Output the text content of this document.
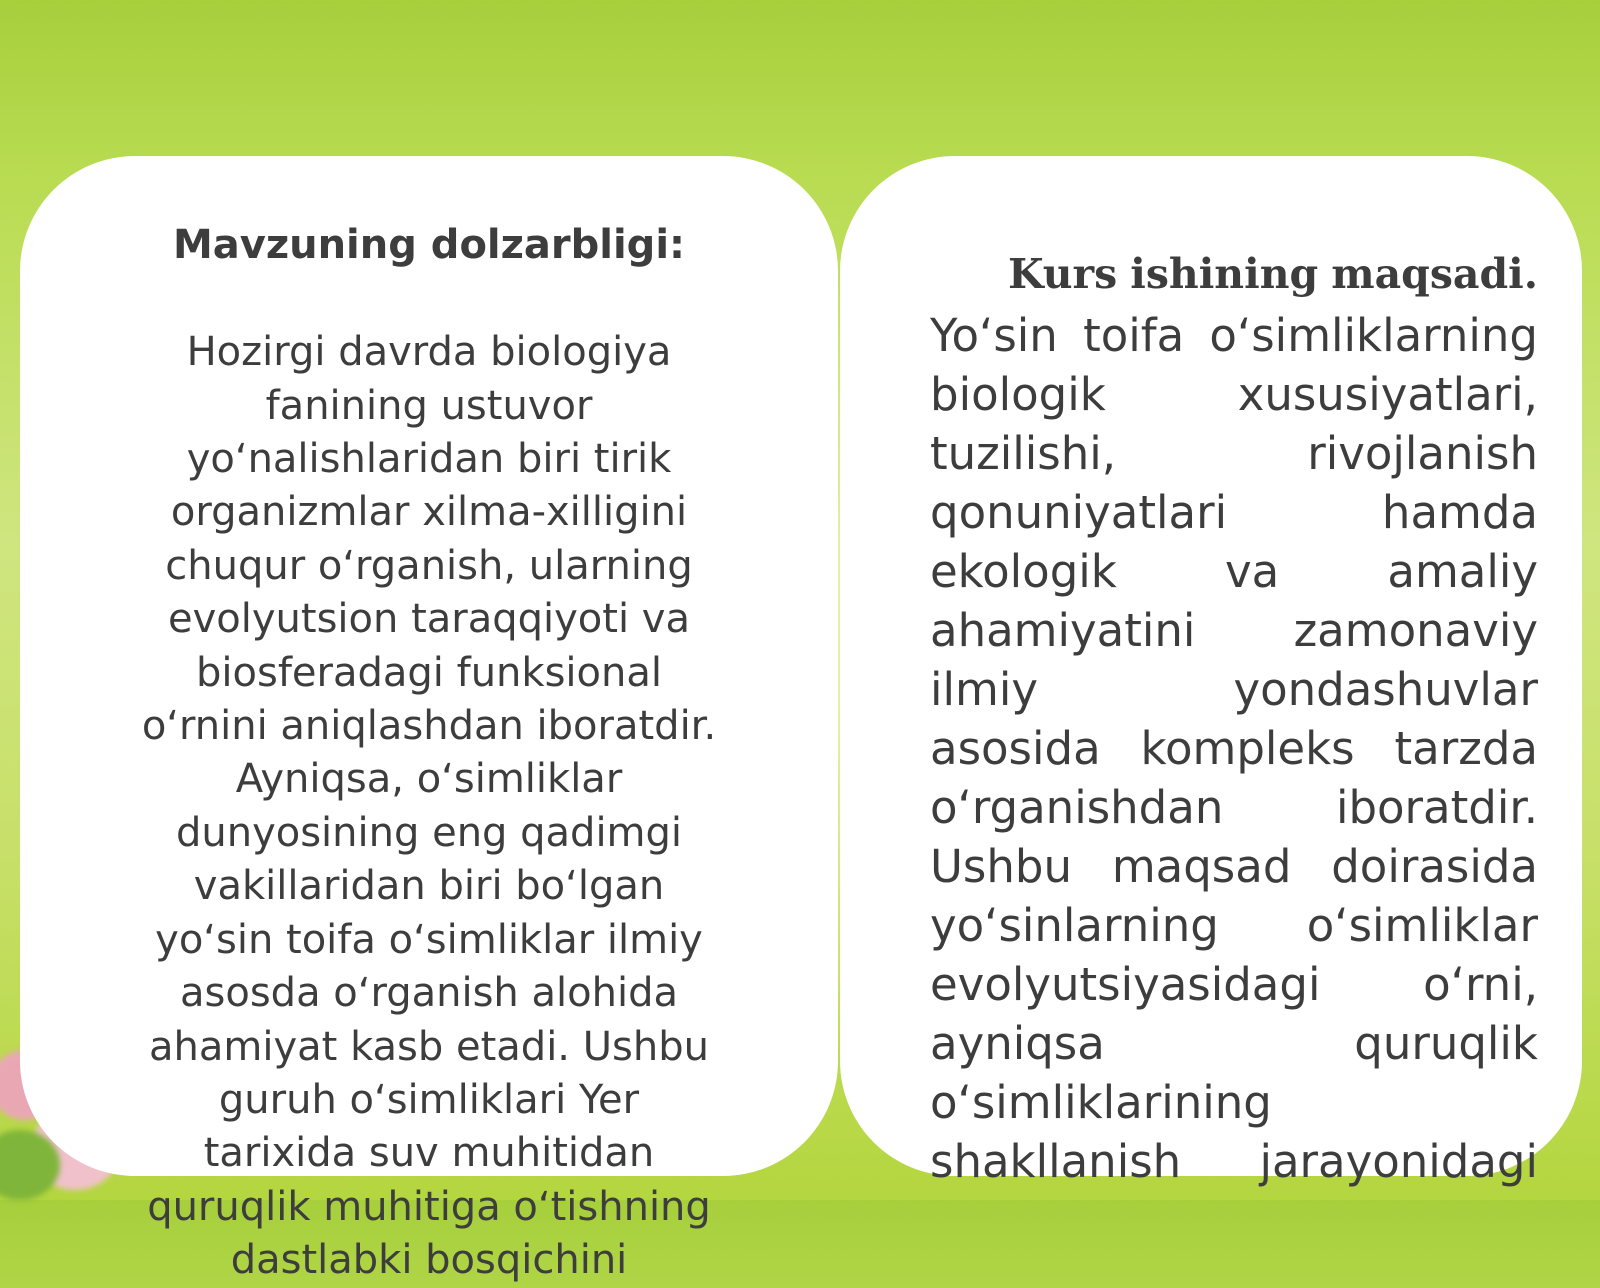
Mavzuning dolzarbligi:

Hozirgi davrda biologiya
fanining ustuvor
yo‘nalishlaridan biri tirik
organizmlar xilma-xilligini
chuqur o‘rganish, ularning
evolyutsion taraqqiyoti va
biosferadagi funksional
o‘rnini aniqlashdan iboratdir.
Ayniqsa, o‘simliklar
dunyosining eng qadimgi
vakillaridan biri bo‘lgan
yo‘sin toifa o‘simliklar ilmiy
asosda o‘rganish alohida
ahamiyat kasb etadi. Ushbu
guruh o‘simliklari Yer
tarixida suv muhitidan
quruqlik muhitiga o‘tishning
dastlabki bosqichini
Kurs ishining maqsadi.
Yo‘sin toifa o‘simliklarning
biologik	xususiyatlari,
tuzilishi,	rivojlanish
qonuniyatlari	hamda
ekologik va amaliy
ahamiyatini zamonaviy
ilmiy	yondashuvlar
asosida kompleks tarzda
o‘rganishdan	iboratdir.
Ushbu maqsad doirasida
yo‘sinlarning o‘simliklar
evolyutsiyasidagi o‘rni,
ayniqsa	quruqlik
o‘simliklarining
shakllanish jarayonidagi
